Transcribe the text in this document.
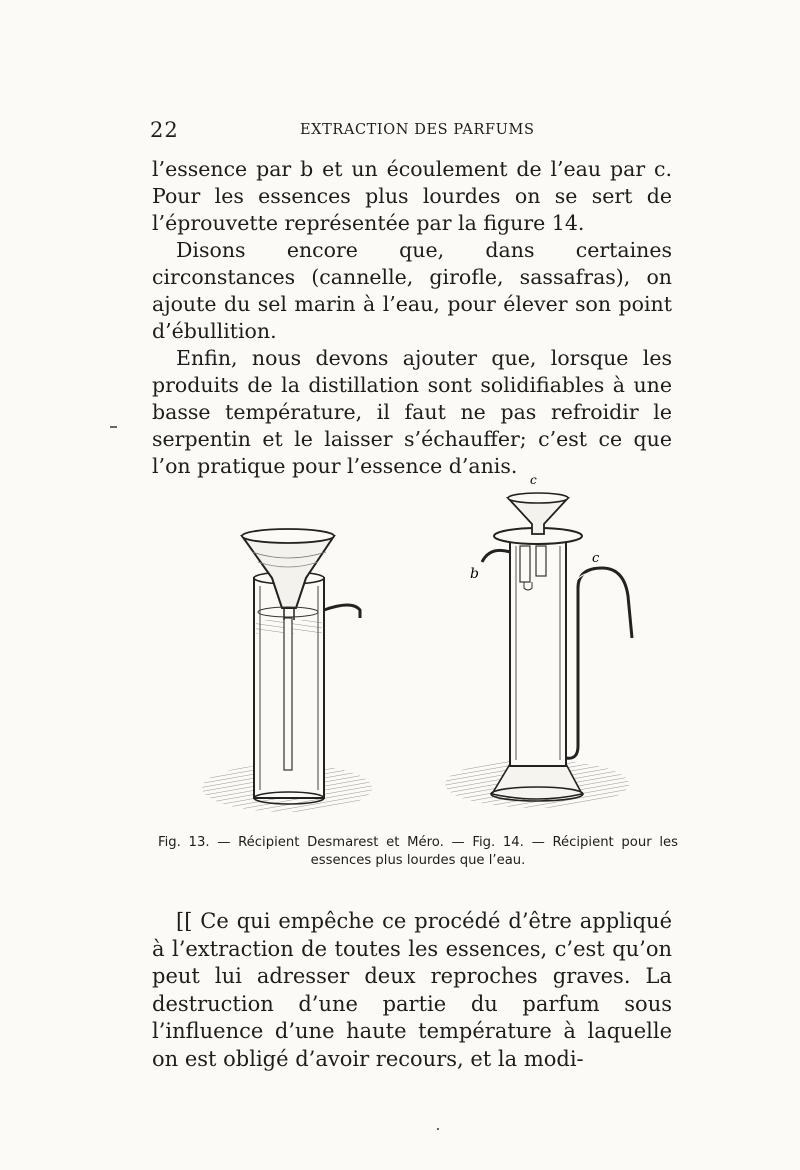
22	EXTRACTION DES PARFUMS

l’essence par b et un écoulement de l’eau par c. Pour les essences plus lourdes on se sert de l’éprouvette représentée par la figure 14.

Disons encore que, dans certaines circonstances (cannelle, girofle, sassafras), on ajoute du sel marin à l’eau, pour élever son point d’ébullition.

Enfin, nous devons ajouter que, lorsque les produits de la distillation sont solidifiables à une basse température, il faut ne pas refroidir le serpentin et le laisser s’échauffer; c’est ce que l’on pratique pour l’essence d’anis.

c
b
c
Fig. 13. — Récipient Desmarest et Méro. — Fig. 14. — Récipient pour les
essences plus lourdes que l’eau.

[[ Ce qui empêche ce procédé d’être appliqué à l’extraction de toutes les essences, c’est qu’on peut lui adresser deux reproches graves. La destruction d’une partie du parfum sous l’influence d’une haute température à laquelle on est obligé d’avoir recours, et la modi-
